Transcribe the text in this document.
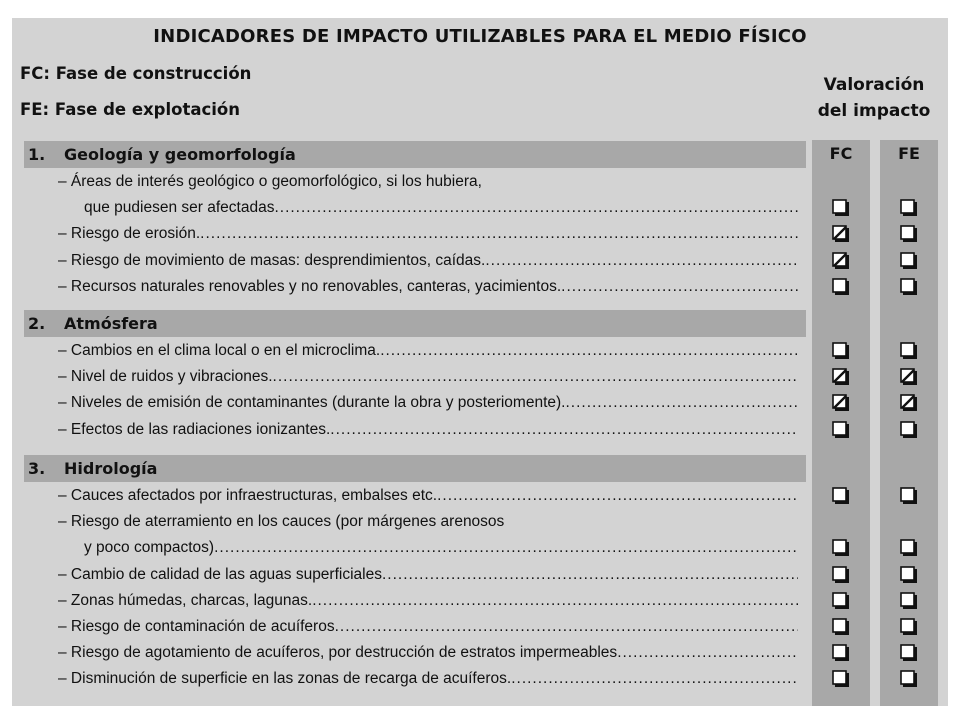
INDICADORES DE IMPACTO UTILIZABLES PARA EL MEDIO FÍSICO
FC: Fase de construcción
FE: Fase de explotación
Valoración
del impacto
FC	FE
1. Geología y geomorfología
– Áreas de interés geológico o geomorfológico, si los hubiera,
que pudiesen ser afectadas
.....
– Riesgo de erosión.
.....
– Riesgo de movimiento de masas: desprendimientos, caídas.
.....
– Recursos naturales renovables y no renovables, canteras, yacimientos.
.....
2. Atmósfera
– Cambios en el clima local o en el microclima.
.....
– Nivel de ruidos y vibraciones.
.....
– Niveles de emisión de contaminantes (durante la obra y posteriomente).
.....
– Efectos de las radiaciones ionizantes.
.....
3. Hidrología
– Cauces afectados por infraestructuras, embalses etc.
.....
– Riesgo de aterramiento en los cauces (por márgenes arenosos
y poco compactos)
.....
– Cambio de calidad de las aguas superficiales
.....
– Zonas húmedas, charcas, lagunas.
.....
– Riesgo de contaminación de acuíferos
.....
– Riesgo de agotamiento de acuíferos, por destrucción de estratos impermeables
.....
– Disminución de superficie en las zonas de recarga de acuíferos.
.....
